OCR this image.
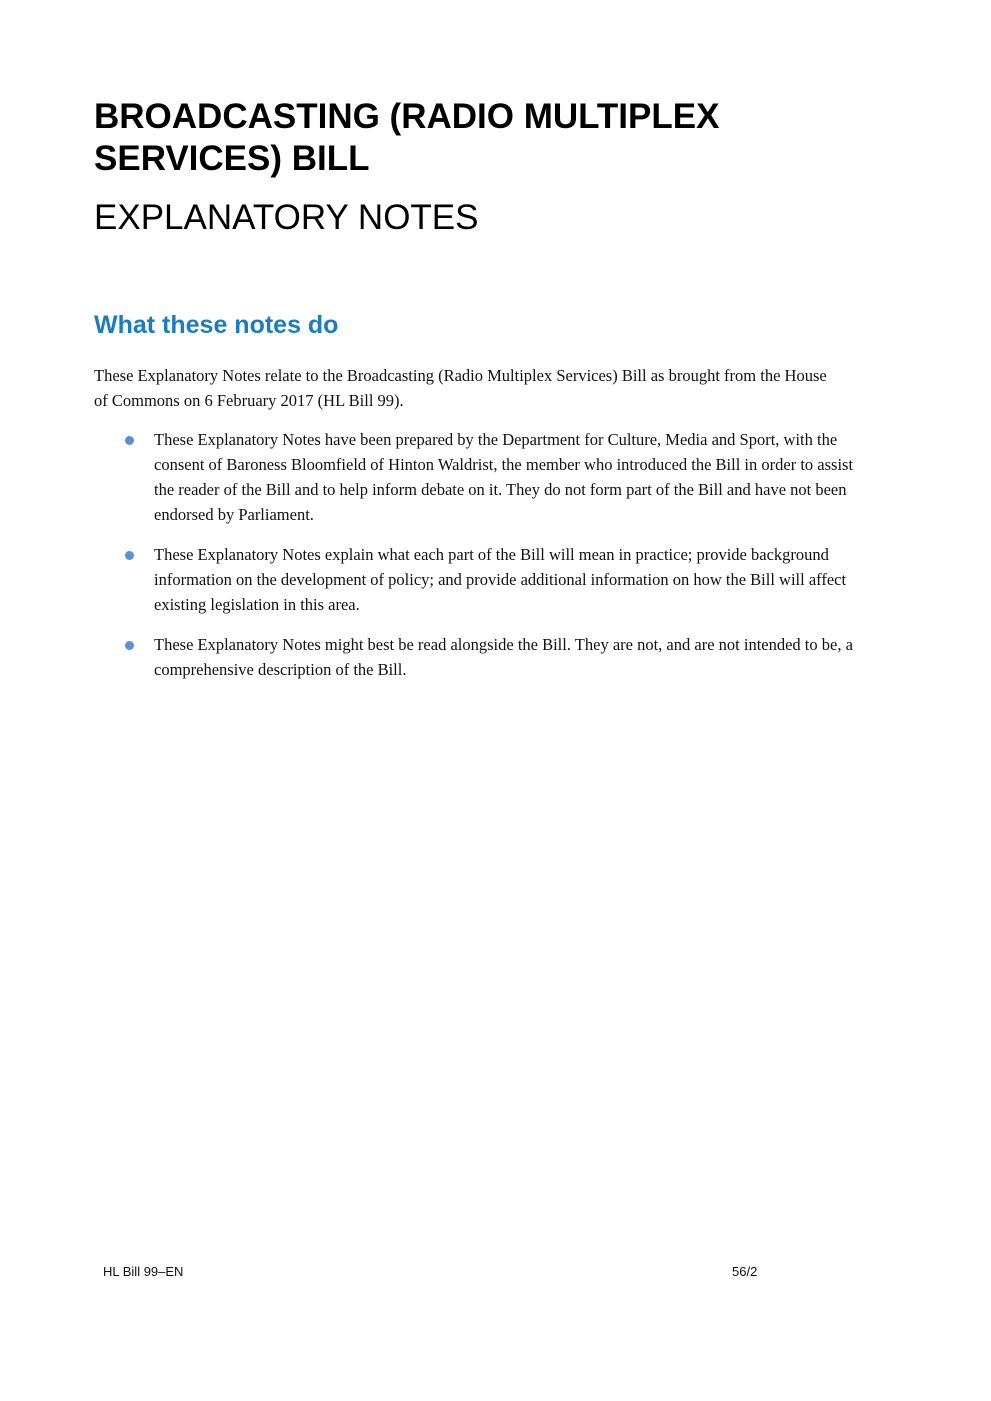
BROADCASTING (RADIO MULTIPLEX SERVICES) BILL
EXPLANATORY NOTES
What these notes do

These Explanatory Notes relate to the Broadcasting (Radio Multiplex Services) Bill as brought from the House of Commons on 6 February 2017 (HL Bill 99).

These Explanatory Notes have been prepared by the Department for Culture, Media and Sport, with the consent of Baroness Bloomfield of Hinton Waldrist, the member who introduced the Bill in order to assist the reader of the Bill and to help inform debate on it. They do not form part of the Bill and have not been endorsed by Parliament.
These Explanatory Notes explain what each part of the Bill will mean in practice; provide background information on the development of policy; and provide additional information on how the Bill will affect existing legislation in this area.
These Explanatory Notes might best be read alongside the Bill. They are not, and are not intended to be, a comprehensive description of the Bill.
HL Bill 99–EN	56/2
